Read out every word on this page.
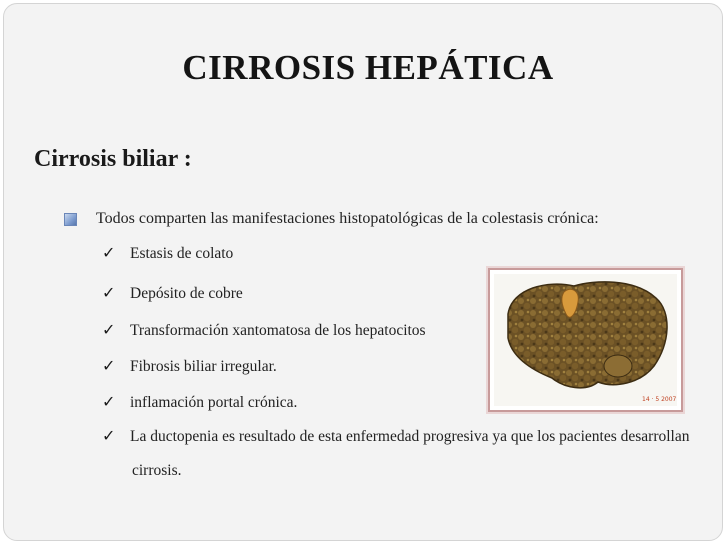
CIRROSIS HEPÁTICA
Cirrosis biliar :
Todos comparten las manifestaciones histopatológicas de la colestasis crónica:
✓ Estasis de colato
✓ Depósito de cobre
✓ Transformación xantomatosa de los hepatocitos
✓ Fibrosis biliar irregular.
✓ inflamación portal crónica.
✓ La ductopenia es resultado de esta enfermedad progresiva ya que los pacientes desarrollan
cirrosis.
14 · 5 2007
